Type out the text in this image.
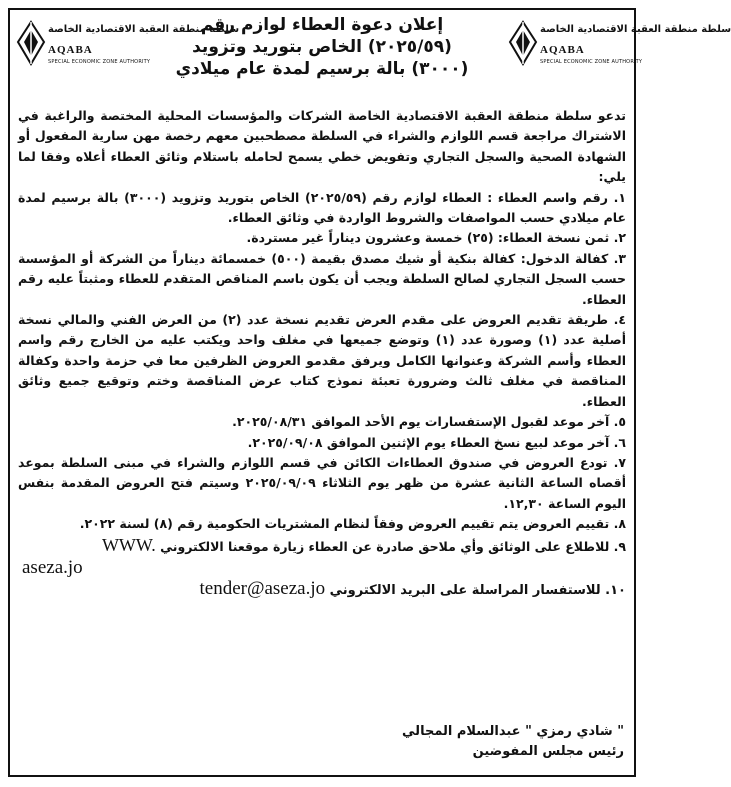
سلطة منطقة العقبة الاقتصادية الخاصة
AQABA
SPECIAL ECONOMIC ZONE AUTHORITY
سلطة منطقة العقبة الاقتصادية الخاصة
AQABA
SPECIAL ECONOMIC ZONE AUTHORITY
إعلان دعوة العطاء لوازم رقم
(٢٠٢٥/٥٩) الخاص بتوريد وتزويد
(٣٠٠٠) بالة برسيم لمدة عام ميلادي

تدعو سلطة منطقة العقبة الاقتصادية الخاصة الشركات والمؤسسات المحلية المختصة والراغبة في الاشتراك مراجعة قسم اللوازم والشراء في السلطة مصطحبين معهم رخصة مهن سارية المفعول أو الشهادة الصحية والسجل التجاري وتفويض خطي يسمح لحامله باستلام وثائق العطاء أعلاه وفقا لما يلي:

١. رقم واسم العطاء : العطاء لوازم رقم (٢٠٢٥/٥٩) الخاص بتوريد وتزويد (٣٠٠٠) بالة برسيم لمدة عام ميلادي حسب المواصفات والشروط الواردة في وثائق العطاء.

٢. ثمن نسخة العطاء: (٢٥) خمسة وعشرون ديناراً غير مستردة.

٣. كفالة الدخول: كفالة بنكية أو شيك مصدق بقيمة (٥٠٠) خمسمائة ديناراً من الشركة أو المؤسسة حسب السجل التجاري لصالح السلطة ويجب أن يكون باسم المناقص المتقدم للعطاء ومثبتاً عليه رقم العطاء.

٤. طريقة تقديم العروض على مقدم العرض تقديم نسخة عدد (٢) من العرض الفني والمالي نسخة أصلية عدد (١) وصورة عدد (١) وتوضع جميعها في مغلف واحد ويكتب عليه من الخارج رقم واسم العطاء وأسم الشركة وعنوانها الكامل ويرفق مقدمو العروض الظرفين معا في حزمة واحدة وكفالة المناقصة في مغلف ثالث وضرورة تعبئة نموذج كتاب عرض المناقصة وختم وتوقيع جميع وثائق العطاء.

٥. آخر موعد لقبول الإستفسارات يوم الأحد الموافق ٢٠٢٥/٠٨/٣١.

٦. آخر موعد لبيع نسخ العطاء يوم الإثنين الموافق ٢٠٢٥/٠٩/٠٨.

٧. تودع العروض في صندوق العطاءات الكائن في قسم اللوازم والشراء في مبنى السلطة بموعد أقصاه الساعة الثانية عشرة من ظهر يوم الثلاثاء ٢٠٢٥/٠٩/٠٩ وسيتم فتح العروض المقدمة بنفس اليوم الساعة ١٢,٣٠.

٨. تقييم العروض يتم تقييم العروض وفقاً لنظام المشتريات الحكومية رقم (٨) لسنة ٢٠٢٢.

٩. للاطلاع على الوثائق وأي ملاحق صادرة عن العطاء زيارة موقعنا الالكتروني WWW.

aseza.jo

١٠. للاستفسار المراسلة على البريد الالكتروني tender@aseza.jo

" شادي رمزي " عبدالسلام المجالي
رئيس مجلس المفوضين
